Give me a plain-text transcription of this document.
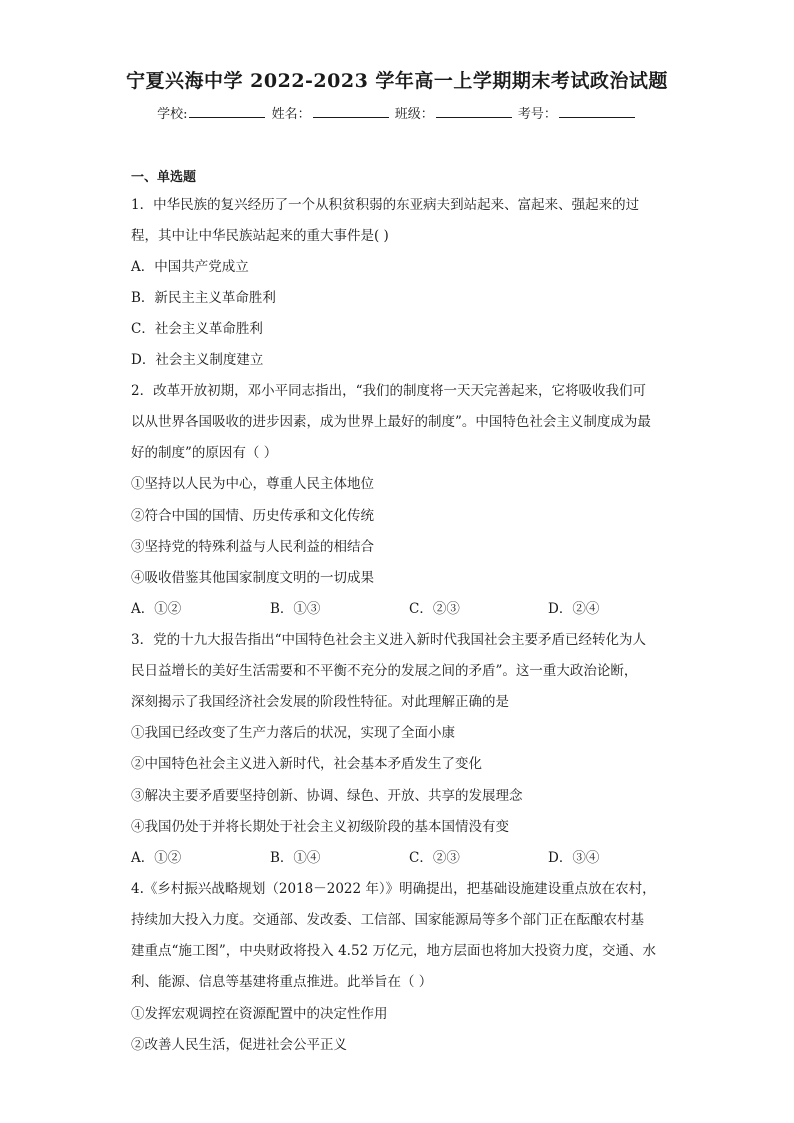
宁夏兴海中学 2022-2023 学年高一上学期期末考试政治试题
学校:	姓名：	班级：	考号：
一、单选题
1．中华民族的复兴经历了一个从积贫积弱的东亚病夫到站起来、富起来、强起来的过
程，其中让中华民族站起来的重大事件是( )
A．中国共产党成立
B．新民主主义革命胜利
C．社会主义革命胜利
D．社会主义制度建立
2．改革开放初期，邓小平同志指出，“我们的制度将一天天完善起来，它将吸收我们可
以从世界各国吸收的进步因素，成为世界上最好的制度”。中国特色社会主义制度成为最
好的制度”的原因有（ ）
①坚持以人民为中心，尊重人民主体地位
②符合中国的国情、历史传承和文化传统
③坚持党的特殊利益与人民利益的相结合
④吸收借鉴其他国家制度文明的一切成果
A．①②	B．①③	C．②③	D．②④
3．党的十九大报告指出“中国特色社会主义进入新时代我国社会主要矛盾已经转化为人
民日益增长的美好生活需要和不平衡不充分的发展之间的矛盾”。这一重大政治论断，
深刻揭示了我国经济社会发展的阶段性特征。对此理解正确的是
①我国已经改变了生产力落后的状况，实现了全面小康
②中国特色社会主义进入新时代，社会基本矛盾发生了变化
③解决主要矛盾要坚持创新、协调、绿色、开放、共享的发展理念
④我国仍处于并将长期处于社会主义初级阶段的基本国情没有变
A．①②	B．①④	C．②③	D．③④
4.《乡村振兴战略规划（2018－2022 年）》明确提出，把基础设施建设重点放在农村，
持续加大投入力度。交通部、发改委、工信部、国家能源局等多个部门正在酝酿农村基
建重点“施工图”，中央财政将投入 4.52 万亿元，地方层面也将加大投资力度，交通、水
利、能源、信息等基建将重点推进。此举旨在（ ）
①发挥宏观调控在资源配置中的决定性作用
②改善人民生活，促进社会公平正义
